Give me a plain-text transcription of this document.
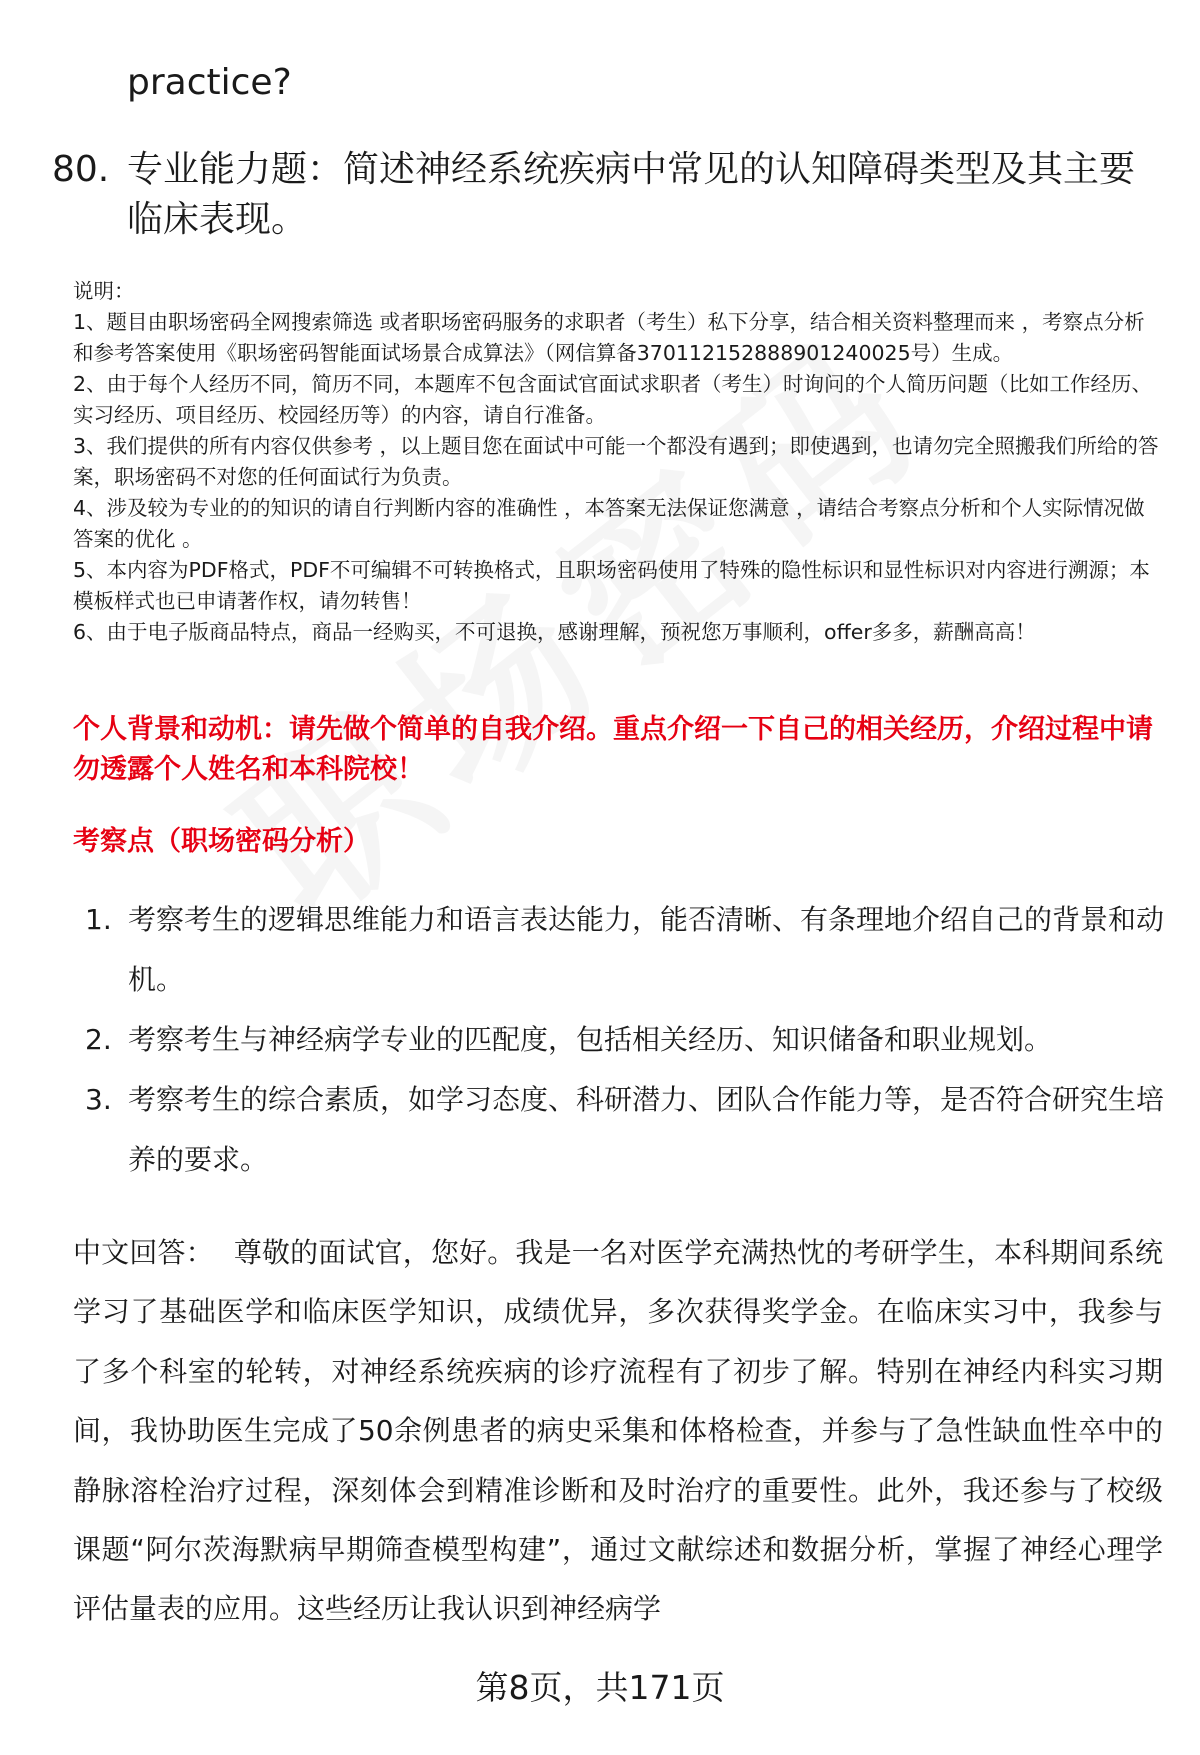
practice?
80. 专业能力题：简述神经系统疾病中常见的认知障碍类型及其主要临床表现。

说明：

1、题目由职场密码全网搜索筛选 或者职场密码服务的求职者（考生）私下分享，结合相关资料整理而来 ，考察点分析和参考答案使用《职场密码智能面试场景合成算法》（网信算备370112152888901240025号）生成。

2、由于每个人经历不同，简历不同，本题库不包含面试官面试求职者（考生）时询问的个人简历问题（比如工作经历、实习经历、项目经历、校园经历等）的内容，请自行准备。

3、我们提供的所有内容仅供参考 ，以上题目您在面试中可能一个都没有遇到；即使遇到，也请勿完全照搬我们所给的答案，职场密码不对您的任何面试行为负责。

4、涉及较为专业的的知识的请自行判断内容的准确性 ，本答案无法保证您满意 ，请结合考察点分析和个人实际情况做答案的优化 。

5、本内容为PDF格式，PDF不可编辑不可转换格式，且职场密码使用了特殊的隐性标识和显性标识对内容进行溯源；本模板样式也已申请著作权，请勿转售！

6、由于电子版商品特点，商品一经购买，不可退换，感谢理解，预祝您万事顺利，offer多多，薪酬高高！

个人背景和动机：请先做个简单的自我介绍。重点介绍一下自己的相关经历，介绍过程中请勿透露个人姓名和本科院校！
考察点（职场密码分析）
1. 考察考生的逻辑思维能力和语言表达能力，能否清晰、有条理地介绍自己的背景和动机。
2. 考察考生与神经病学专业的匹配度，包括相关经历、知识储备和职业规划。
3. 考察考生的综合素质，如学习态度、科研潜力、团队合作能力等，是否符合研究生培养的要求。
中文回答： 尊敬的面试官，您好。我是一名对医学充满热忱的考研学生，本科期间系统学习了基础医学和临床医学知识，成绩优异，多次获得奖学金。在临床实习中，我参与了多个科室的轮转，对神经系统疾病的诊疗流程有了初步了解。特别在神经内科实习期间，我协助医生完成了50余例患者的病史采集和体格检查，并参与了急性缺血性卒中的静脉溶栓治疗过程，深刻体会到精准诊断和及时治疗的重要性。此外，我还参与了校级课题“阿尔茨海默病早期筛查模型构建”，通过文献综述和数据分析，掌握了神经心理学评估量表的应用。这些经历让我认识到神经病学
第8页，共171页
